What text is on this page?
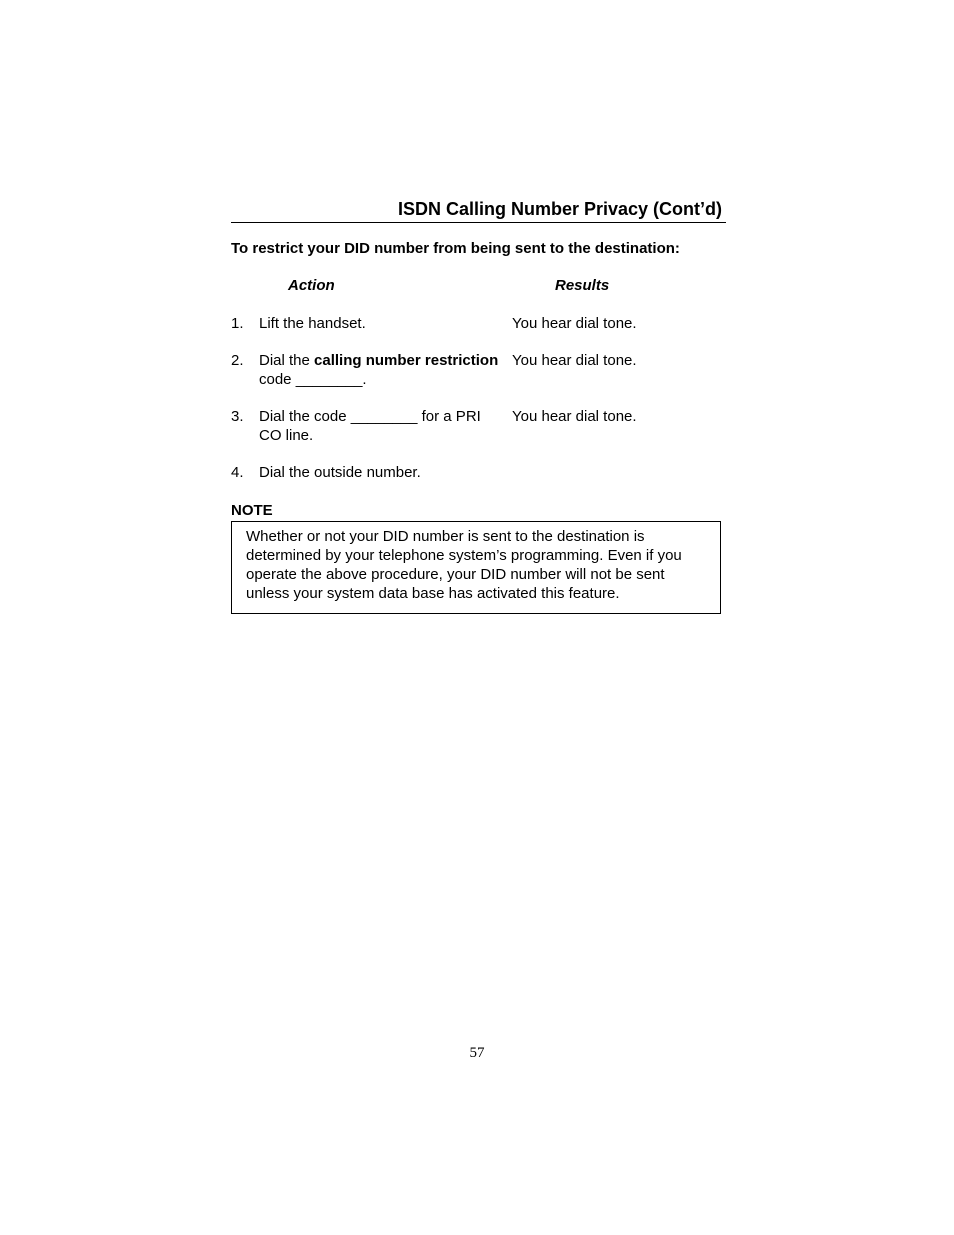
ISDN Calling Number Privacy (Cont’d)
To restrict your DID number from being sent to the destination:
Action	Results
1. Lift the handset.	You hear dial tone.
2. Dial the calling number restriction code ________.
You hear dial tone.
3. Dial the code ________ for a PRI CO line.
You hear dial tone.
4. Dial the outside number.
NOTE
Whether or not your DID number is sent to the destination is determined by your telephone system’s programming. Even if you operate the above procedure, your DID number will not be sent unless your system data base has activated this feature.
57
